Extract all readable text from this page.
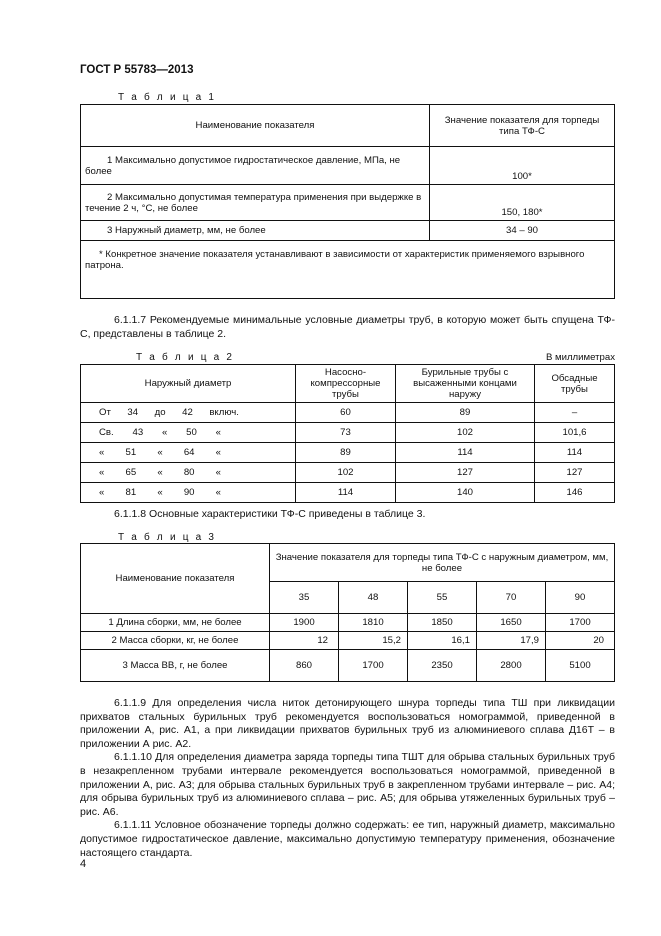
ГОСТ Р 55783—2013
Т а б л и ц а 1
Наименование показателя	Значение показателя для торпеды типа ТФ-С
1 Максимально допустимое гидростатическое давление, МПа, не более	100*
2 Максимально допустимая температура применения при выдержке в течение 2 ч, °С, не более	150, 180*
3 Наружный диаметр, мм, не более	34 – 90
* Конкретное значение показателя устанавливают в зависимости от характеристик применяемого взрывного патрона.	

6.1.1.7 Рекомендуемые минимальные условные диаметры труб, в которую может быть спущена ТФ-С, представлены в таблице 2.

Т а б л и ц а 2	В миллиметрах
Наружный диаметр	Насосно-компрессорные трубы	Бурильные трубы с высаженными концами наружу	Обсадные трубы

От 34 до 42 включ.	60	89	–

Св. 43 « 50 «	73	102	101,6

« 51 « 64 «	89	114	114

« 65 « 80 «	102	127	127

« 81 « 90 «	114	140	146

6.1.1.8 Основные характеристики ТФ-С приведены в таблице 3.

Т а б л и ц а 3
Наименование показателя	Значение показателя для торпеды типа ТФ-С с наружным диаметром, мм, не более				
	35	48	55	70	90
1 Длина сборки, мм, не более	1900	1810	1850	1650	1700
2 Масса сборки, кг, не более	12	15,2	16,1	17,9	20
3 Масса ВВ, г, не более	860	1700	2350	2800	5100

6.1.1.9 Для определения числа ниток детонирующего шнура торпеды типа ТШ при ликвидации прихватов стальных бурильных труб рекомендуется воспользоваться номограммой, приведенной в приложении А, рис. А1, а при ликвидации прихватов бурильных труб из алюминиевого сплава Д16Т – в приложении А рис. А2.

6.1.1.10 Для определения диаметра заряда торпеды типа ТШТ для обрыва стальных бурильных труб в незакрепленном трубами интервале рекомендуется воспользоваться номограммой, приведенной в приложении А, рис. А3; для обрыва стальных бурильных труб в закрепленном трубами интервале – рис. А4; для обрыва бурильных труб из алюминиевого сплава – рис. А5; для обрыва утяжеленных бурильных труб – рис. А6.

6.1.1.11 Условное обозначение торпеды должно содержать: ее тип, наружный диаметр, максимально допустимое гидростатическое давление, максимально допустимую температуру применения, обозначение настоящего стандарта.

4
